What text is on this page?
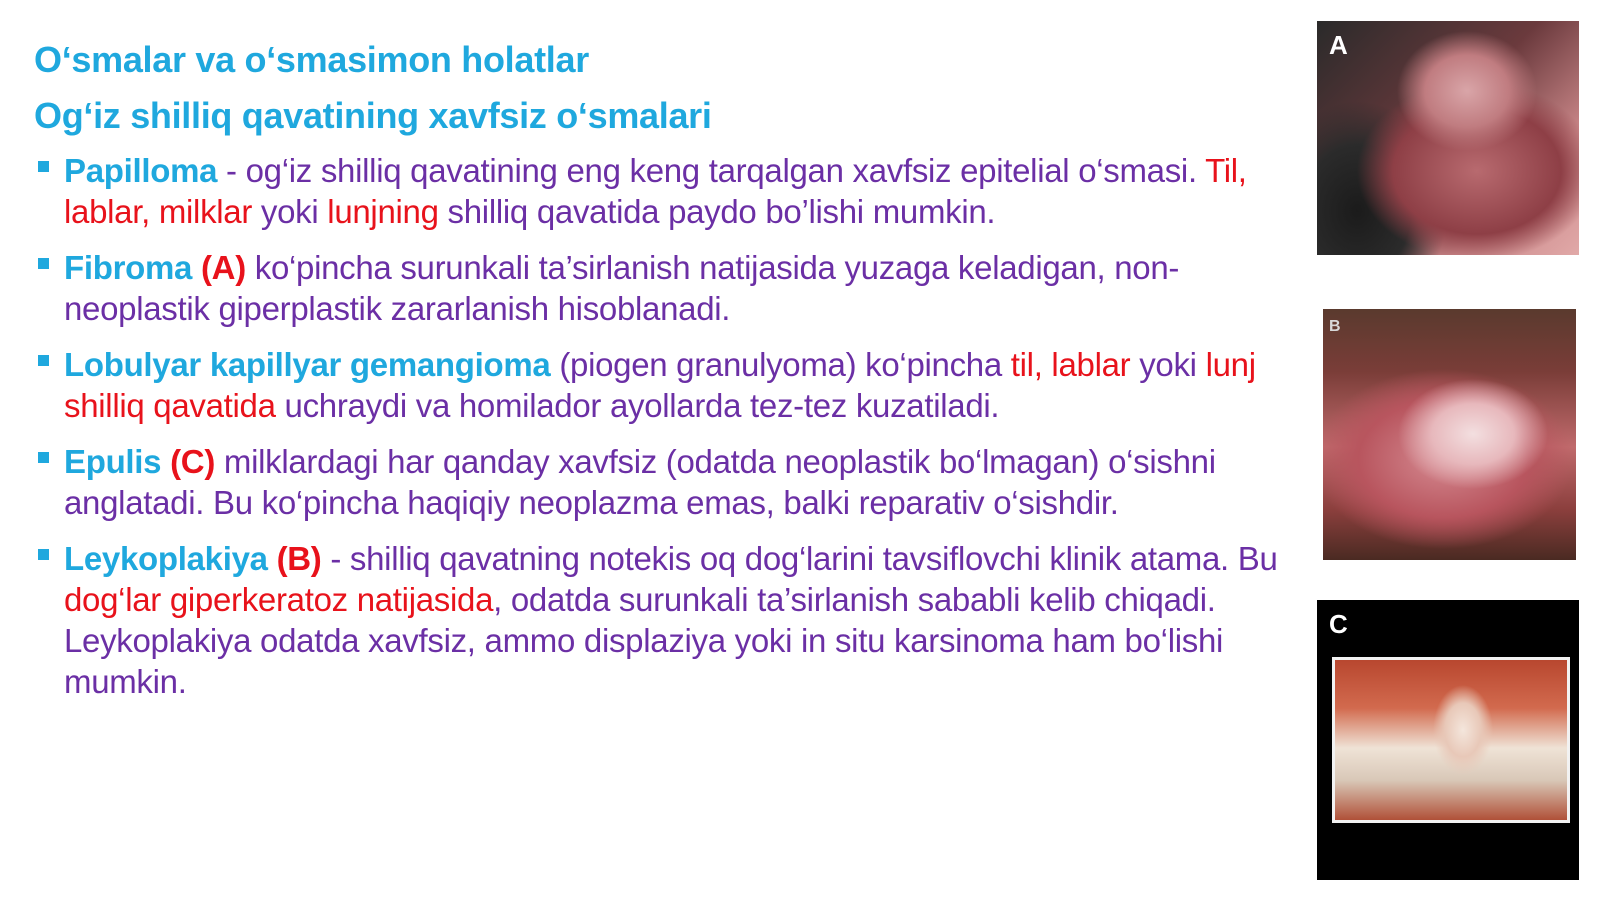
O‘smalar va o‘smasimon holatlar
Og‘iz shilliq qavatining xavfsiz o‘smalari
Papilloma - og‘iz shilliq qavatining eng keng tarqalgan xavfsiz epitelial o‘smasi. Til, lablar, milklar yoki lunjning shilliq qavatida paydo bo’lishi mumkin.
Fibroma (A) ko‘pincha surunkali ta’sirlanish natijasida yuzaga keladigan, non-neoplastik giperplastik zararlanish hisoblanadi.
Lobulyar kapillyar gemangioma (piogen granulyoma) ko‘pincha til, lablar yoki lunj shilliq qavatida uchraydi va homilador ayollarda tez-tez kuzatiladi.
Epulis (C) milklardagi har qanday xavfsiz (odatda neoplastik bo‘lmagan) o‘sishni anglatadi. Bu ko‘pincha haqiqiy neoplazma emas, balki reparativ o‘sishdir.
Leykoplakiya (B) - shilliq qavatning notekis oq dog‘larini tavsiflovchi klinik atama. Bu dog‘lar giperkeratoz natijasida, odatda surunkali ta’sirlanish sababli kelib chiqadi. Leykoplakiya odatda xavfsiz, ammo displaziya yoki in situ karsinoma ham bo‘lishi mumkin.
A
B
C
